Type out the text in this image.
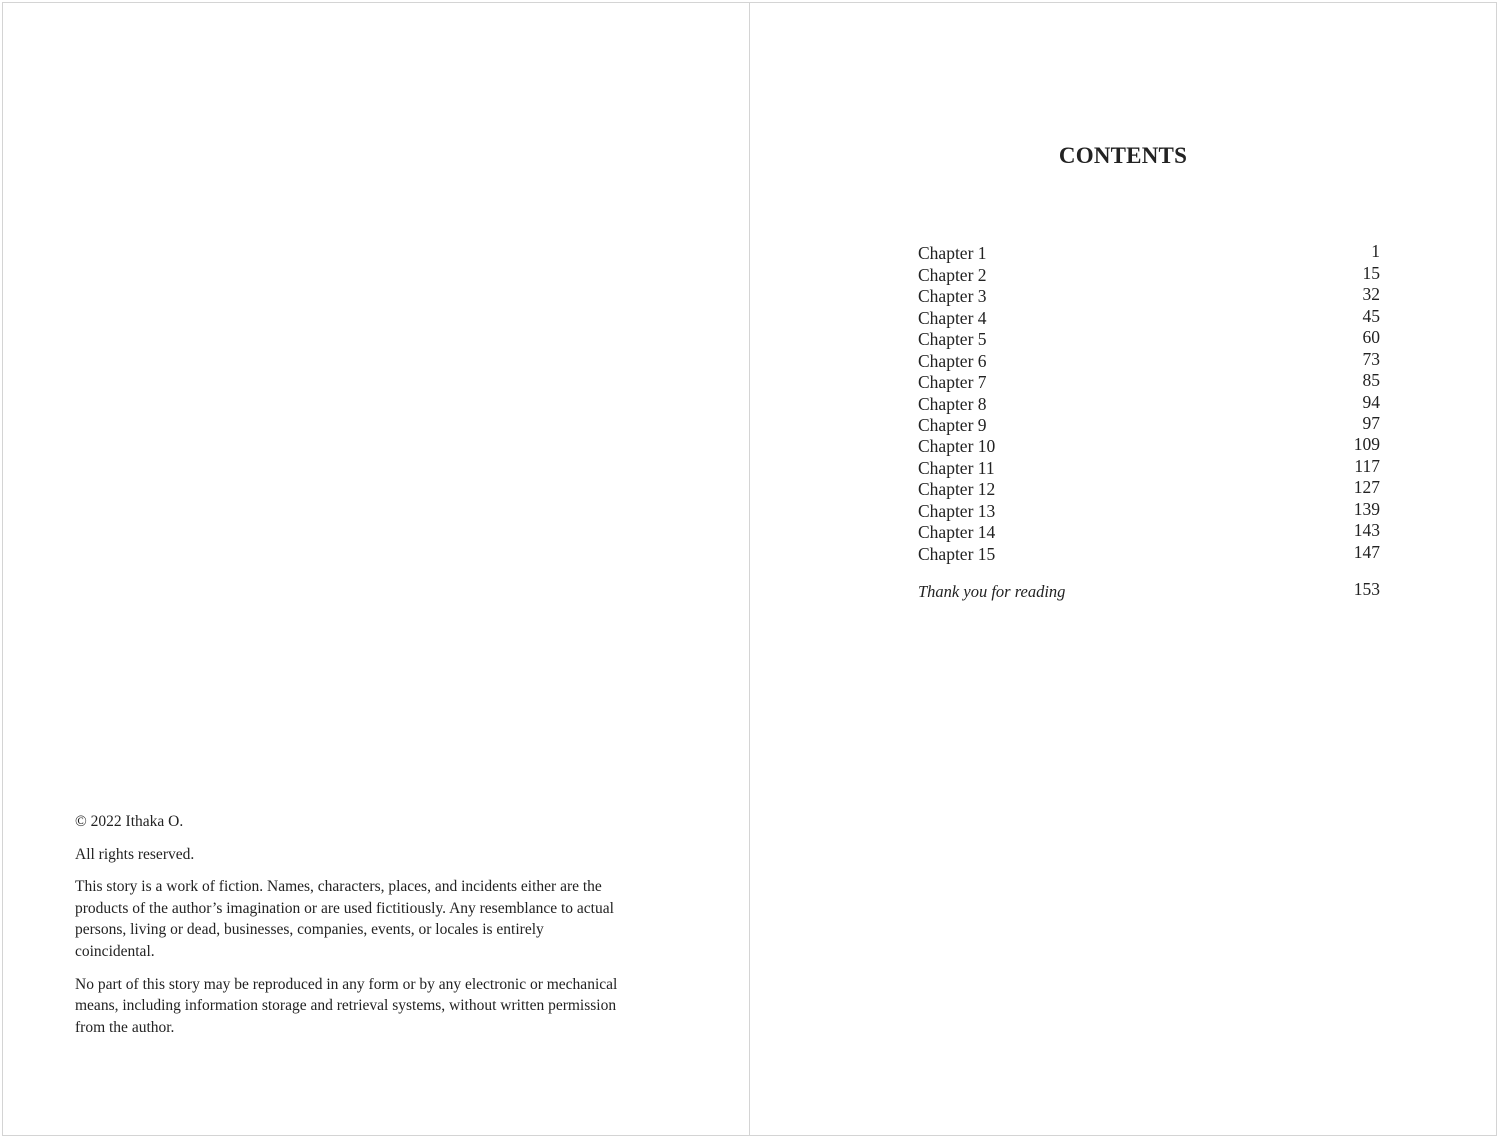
© 2022 Ithaka O.

All rights reserved.

This story is a work of fiction. Names, characters, places, and incidents either are the products of the author’s imagination or are used fictitiously. Any resemblance to actual persons, living or dead, businesses, companies, events, or locales is entirely coincidental.

No part of this story may be reproduced in any form or by any electronic or mechanical means, including information storage and retrieval systems, without written permission from the author.

CONTENTS
Chapter 1	1
Chapter 2	15
Chapter 3	32
Chapter 4	45
Chapter 5	60
Chapter 6	73
Chapter 7	85
Chapter 8	94
Chapter 9	97
Chapter 10	109
Chapter 11	117
Chapter 12	127
Chapter 13	139
Chapter 14	143
Chapter 15	147
Thank you for reading	153
